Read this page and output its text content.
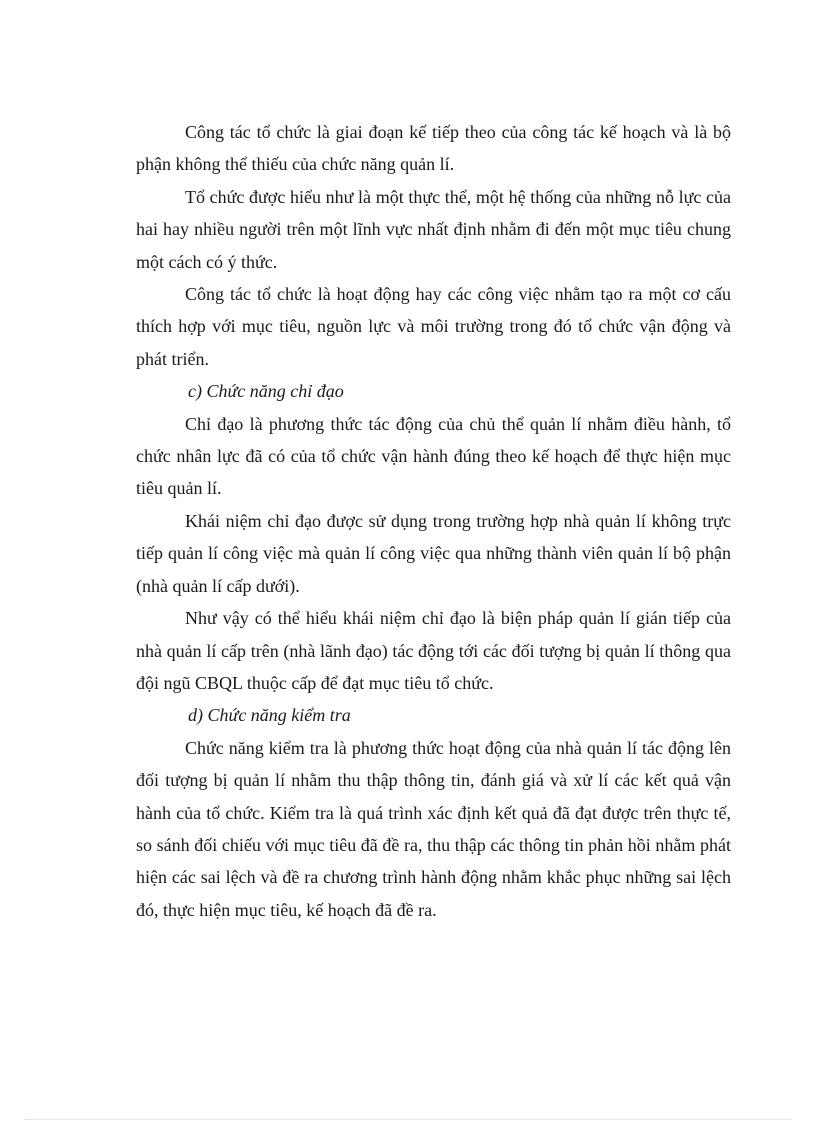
Công tác tổ chức là giai đoạn kế tiếp theo của công tác kế hoạch và là bộ phận không thể thiếu của chức năng quản lí.

Tổ chức được hiểu như là một thực thể, một hệ thống của những nỗ lực của hai hay nhiều người trên một lĩnh vực nhất định nhằm đi đến một mục tiêu chung một cách có ý thức.

Công tác tổ chức là hoạt động hay các công việc nhằm tạo ra một cơ cấu thích hợp với mục tiêu, nguồn lực và môi trường trong đó tổ chức vận động và phát triển.

c) Chức năng chỉ đạo

Chỉ đạo là phương thức tác động của chủ thể quản lí nhằm điều hành, tổ chức nhân lực đã có của tổ chức vận hành đúng theo kế hoạch để thực hiện mục tiêu quản lí.

Khái niệm chỉ đạo được sử dụng trong trường hợp nhà quản lí không trực tiếp quản lí công việc mà quản lí công việc qua những thành viên quản lí bộ phận (nhà quản lí cấp dưới).

Như vậy có thể hiểu khái niệm chỉ đạo là biện pháp quản lí gián tiếp của nhà quản lí cấp trên (nhà lãnh đạo) tác động tới các đối tượng bị quản lí thông qua đội ngũ CBQL thuộc cấp để đạt mục tiêu tổ chức.

d) Chức năng kiểm tra

Chức năng kiểm tra là phương thức hoạt động của nhà quản lí tác động lên đối tượng bị quản lí nhằm thu thập thông tin, đánh giá và xử lí các kết quả vận hành của tổ chức. Kiểm tra là quá trình xác định kết quả đã đạt được trên thực tế, so sánh đối chiếu với mục tiêu đã đề ra, thu thập các thông tin phản hồi nhằm phát hiện các sai lệch và đề ra chương trình hành động nhằm khắc phục những sai lệch đó, thực hiện mục tiêu, kế hoạch đã đề ra.
